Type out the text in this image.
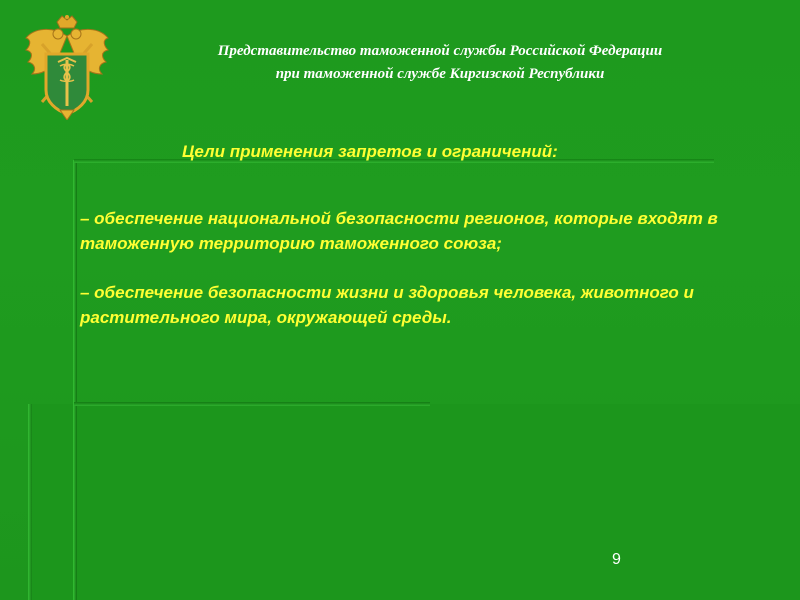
Представительство таможенной службы Российской Федерации
при таможенной службе Киргизской Республики
Цели применения запретов и ограничений:

– обеспечение национальной безопасности регионов, которые входят в таможенную территорию таможенного союза;

– обеспечение безопасности жизни и здоровья человека, животного и растительного мира, окружающей среды.

9
